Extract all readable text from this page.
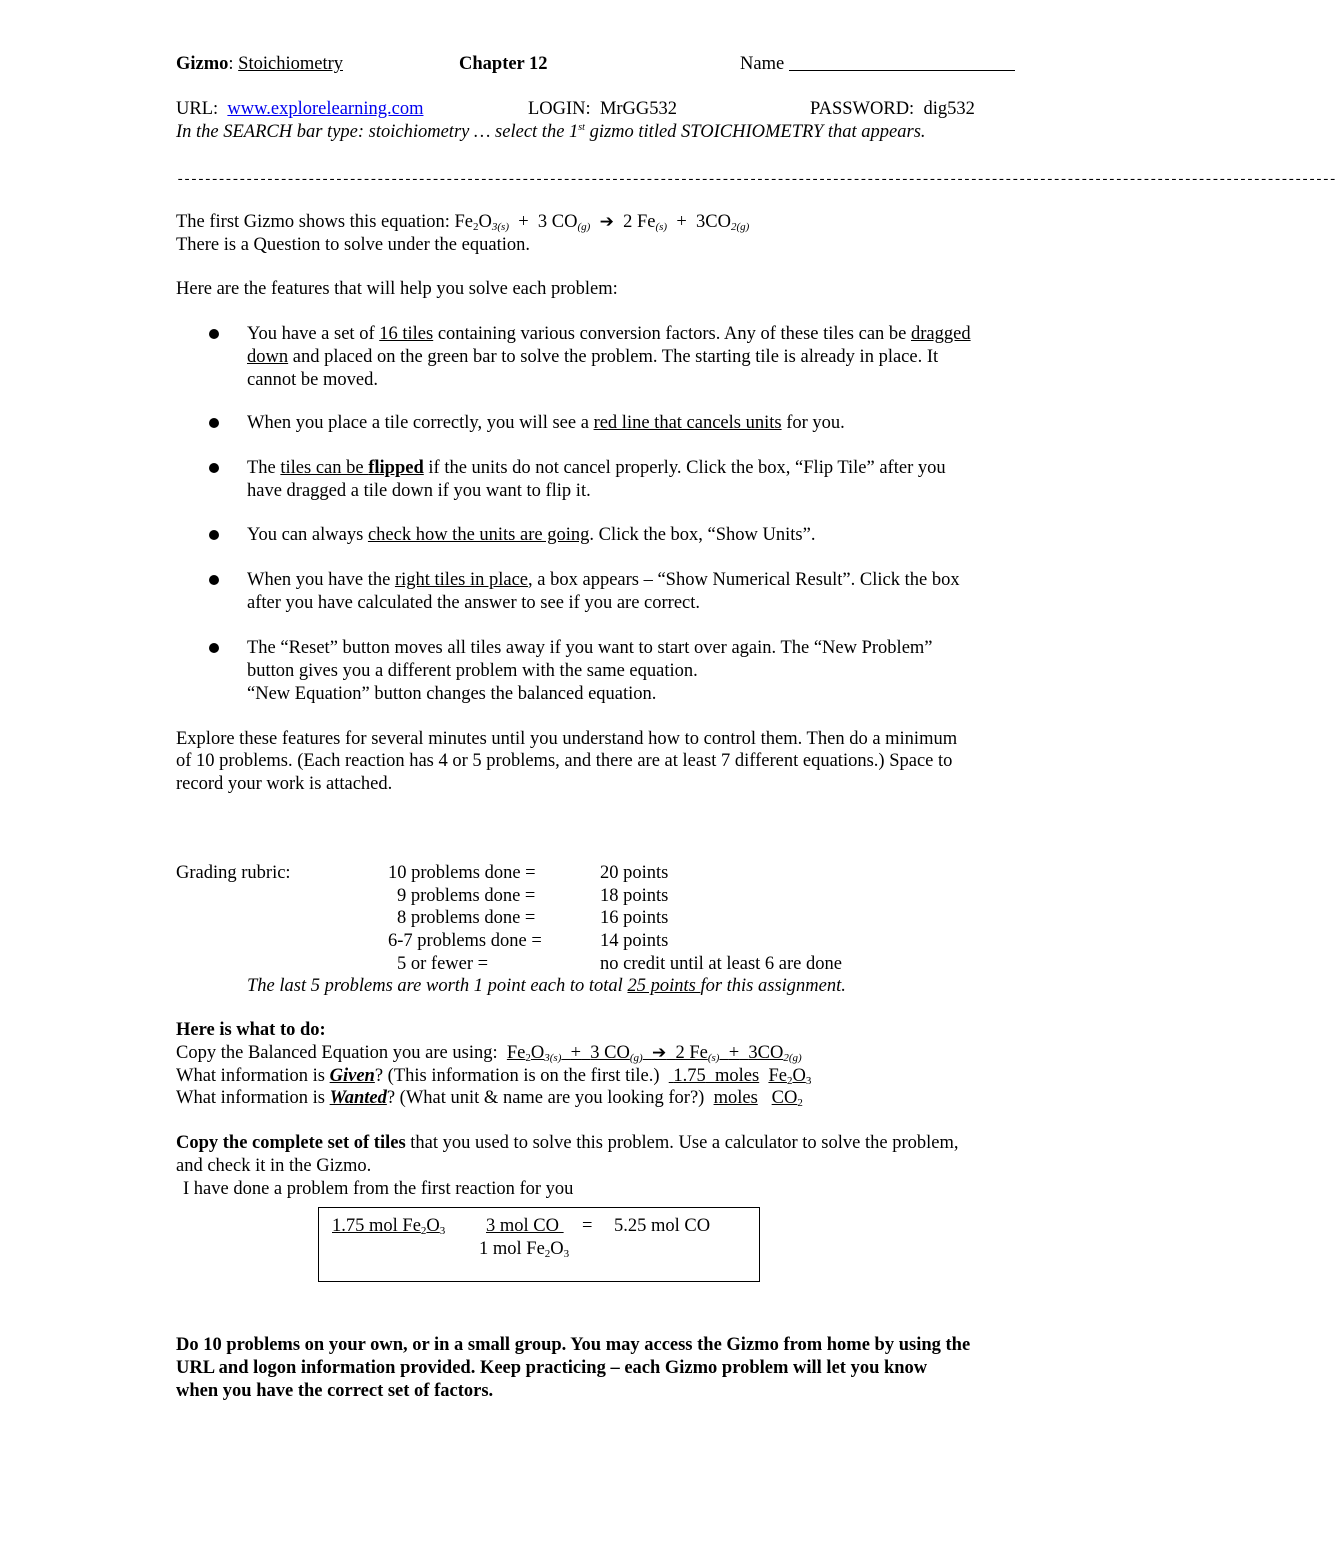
Gizmo: Stoichiometry	Chapter 12	Name
URL: www.explorelearning.com	LOGIN: MrGG532	PASSWORD: dig532
In the SEARCH bar type: stoichiometry … select the 1st gizmo titled STOICHIOMETRY that appears.
------------------------------------------------------------------------------------------------------------------------------------------------------------------------
The first Gizmo shows this equation: $Fe_2O_{3(s)} + 3$ $CO_{(g)}$ ➔ 2 $Fe_{(s)} + 3CO_{2(g)}$
There is a Question to solve under the equation.
Here are the features that will help you solve each problem:
You have a set of 16 tiles containing various conversion factors. Any of these tiles can be dragged
down and placed on the green bar to solve the problem. The starting tile is already in place. It
cannot be moved.
When you place a tile correctly, you will see a red line that cancels units for you.
The tiles can be flipped if the units do not cancel properly. Click the box, “Flip Tile” after you
have dragged a tile down if you want to flip it.
You can always check how the units are going. Click the box, “Show Units”.
When you have the right tiles in place, a box appears – “Show Numerical Result”. Click the box
after you have calculated the answer to see if you are correct.
The “Reset” button moves all tiles away if you want to start over again. The “New Problem”
button gives you a different problem with the same equation.
“New Equation” button changes the balanced equation.
Explore these features for several minutes until you understand how to control them. Then do a minimum
of 10 problems. (Each reaction has 4 or 5 problems, and there are at least 7 different equations.) Space to
record your work is attached.
Grading rubric:	10 problems done =	20 points
9 problems done =	18 points
8 problems done =	16 points
6-7 problems done =	14 points
5 or fewer =	no credit until at least 6 are done
The last 5 problems are worth 1 point each to total 25 points for this assignment.
Here is what to do:
Copy the Balanced Equation you are using: $Fe_2O_{3(s)} + 3$ $CO_{(g)}$ ➔ 2 $Fe_{(s)} + 3CO_{2(g)}$
What information is Given? (This information is on the first tile.) 1.75 moles $Fe_2O_3$
What information is Wanted? (What unit & name are you looking for?) moles $CO_2$
Copy the complete set of tiles that you used to solve this problem. Use a calculator to solve the problem,
and check it in the Gizmo.
I have done a problem from the first reaction for you
1.75 mol $Fe_2O_3$ 3 mol CO = 5.25 mol CO
1 mol $Fe_2O_3$
Do 10 problems on your own, or in a small group. You may access the Gizmo from home by using the
URL and logon information provided. Keep practicing – each Gizmo problem will let you know
when you have the correct set of factors.
